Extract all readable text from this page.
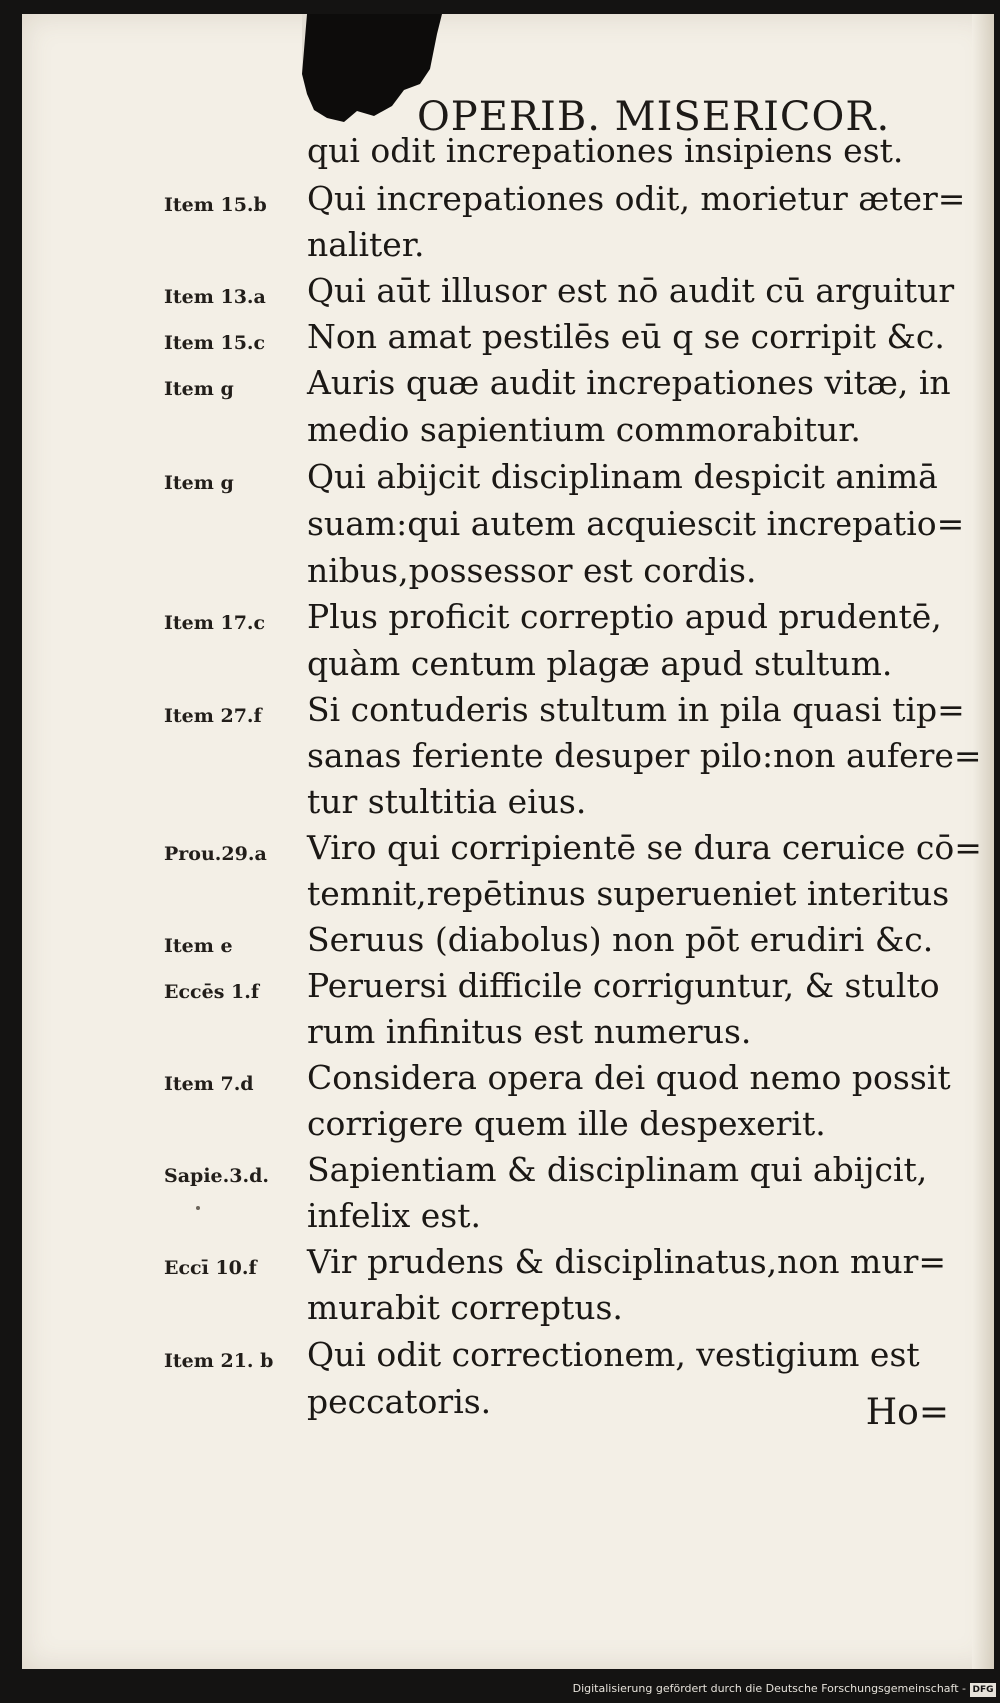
OPERIB. MISERICOR.
qui odit increpationes insipiens est.
Qui increpationes odit, morietur æter=
naliter.
Qui aūt illusor est nō audit cū arguitur
Non amat pestilēs eū q se corripit &c.
Auris quæ audit increpationes vitæ, in
medio sapientium commorabitur.
Qui abijcit disciplinam despicit animā
suam:qui autem acquiescit increpatio=
nibus,possessor est cordis.
Plus proficit correptio apud prudentē,
quàm centum plagæ apud stultum.
Si contuderis stultum in pila quasi tip=
sanas feriente desuper pilo:non aufere=
tur stultitia eius.
Viro qui corripientē se dura ceruice cō=
temnit,repētinus superueniet interitus
Seruus (diabolus) non pōt erudiri &c.
Peruersi difficile corriguntur, & stulto
rum infinitus est numerus.
Considera opera dei quod nemo possit
corrigere quem ille despexerit.
Sapientiam & disciplinam qui abijcit,
infelix est.
Vir prudens & disciplinatus,non mur=
murabit correptus.
Qui odit correctionem, vestigium est
peccatoris.
Item 15.b
Item 13.a
Item 15.c
Item g
Item g
Item 17.c
Item 27.f
Prou.29.a
Item e
Eccēs 1.f
Item 7.d
Sapie.3.d.
Eccī 10.f
Item 21. b
Ho=
Digitalisierung gefördert durch die Deutsche Forschungsgemeinschaft - DFG
